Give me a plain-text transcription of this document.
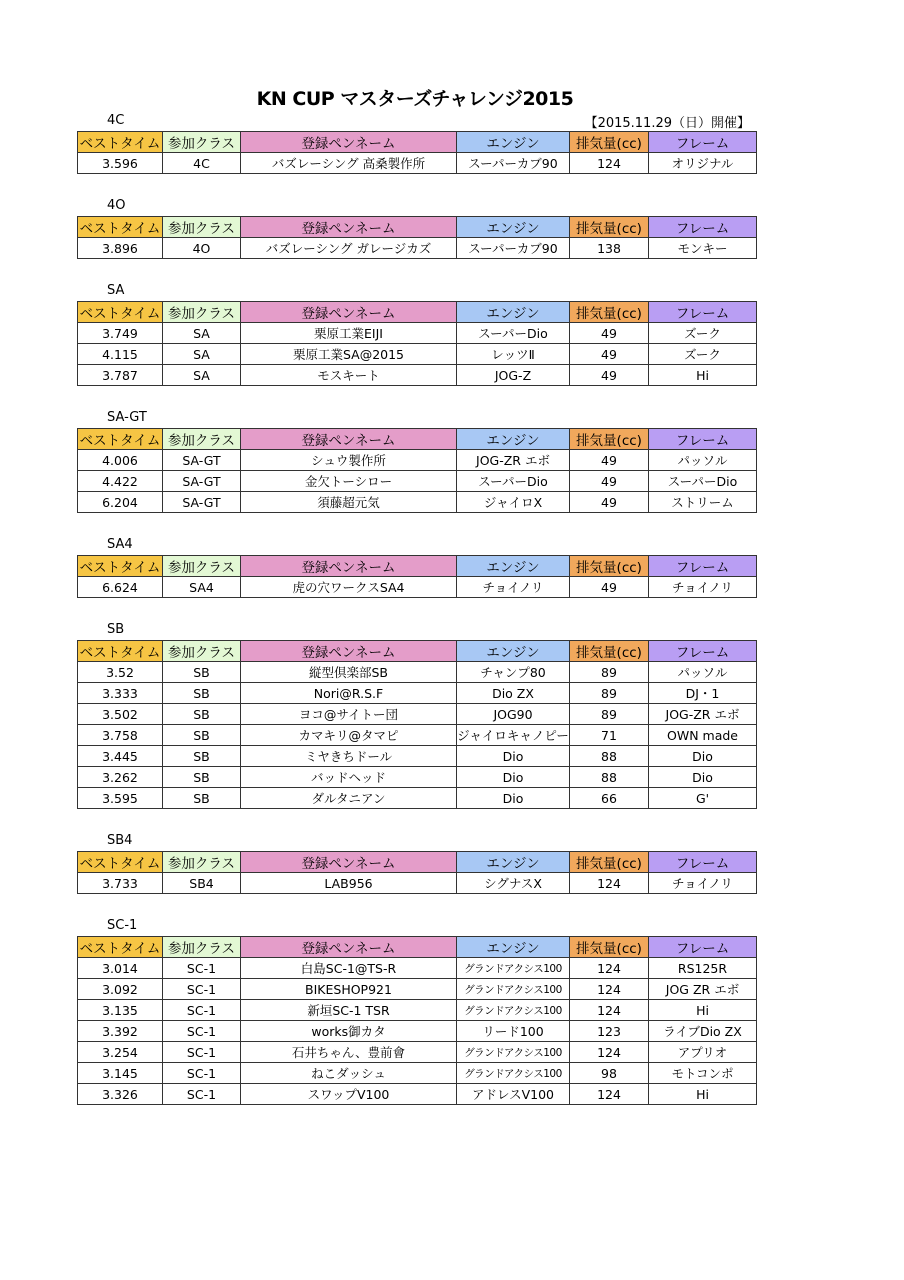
KN CUP マスターズチャレンジ2015
【2015.11.29（日）開催】
4C
ベストタイム	参加クラス	登録ペンネーム	エンジン	排気量(cc)	フレーム
3.596	4C	バズレーシング 高桑製作所	スーパーカブ90	124	オリジナル
4O
ベストタイム	参加クラス	登録ペンネーム	エンジン	排気量(cc)	フレーム
3.896	4O	バズレーシング ガレージカズ	スーパーカブ90	138	モンキー
SA
ベストタイム	参加クラス	登録ペンネーム	エンジン	排気量(cc)	フレーム
3.749	SA	栗原工業EIJI	スーパーDio	49	ズーク
4.115	SA	栗原工業SA@2015	レッツⅡ	49	ズーク
3.787	SA	モスキート	JOG-Z	49	Hi
SA-GT
ベストタイム	参加クラス	登録ペンネーム	エンジン	排気量(cc)	フレーム
4.006	SA-GT	シュウ製作所	JOG-ZR エボ	49	パッソル
4.422	SA-GT	金欠トーシロー	スーパーDio	49	スーパーDio
6.204	SA-GT	須藤超元気	ジャイロX	49	ストリーム
SA4
ベストタイム	参加クラス	登録ペンネーム	エンジン	排気量(cc)	フレーム
6.624	SA4	虎の穴ワークスSA4	チョイノリ	49	チョイノリ
SB
ベストタイム	参加クラス	登録ペンネーム	エンジン	排気量(cc)	フレーム
3.52	SB	縦型倶楽部SB	チャンプ80	89	パッソル
3.333	SB	Nori@R.S.F	Dio ZX	89	DJ・1
3.502	SB	ヨコ@サイトー団	JOG90	89	JOG-ZR エボ
3.758	SB	カマキリ@タマピ	ジャイロキャノピー	71	OWN made
3.445	SB	ミヤきちドール	Dio	88	Dio
3.262	SB	バッドヘッド	Dio	88	Dio
3.595	SB	ダルタニアン	Dio	66	G'
SB4
ベストタイム	参加クラス	登録ペンネーム	エンジン	排気量(cc)	フレーム
3.733	SB4	LAB956	シグナスX	124	チョイノリ
SC-1
ベストタイム	参加クラス	登録ペンネーム	エンジン	排気量(cc)	フレーム
3.014	SC-1	白島SC-1@TS-R	グランドアクシス100	124	RS125R
3.092	SC-1	BIKESHOP921	グランドアクシス100	124	JOG ZR エボ
3.135	SC-1	新垣SC-1 TSR	グランドアクシス100	124	Hi
3.392	SC-1	works御カタ	リード100	123	ライブDio ZX
3.254	SC-1	石井ちゃん、豊前會	グランドアクシス100	124	アプリオ
3.145	SC-1	ねこダッシュ	グランドアクシス100	98	モトコンポ
3.326	SC-1	スワップV100	アドレスV100	124	Hi
